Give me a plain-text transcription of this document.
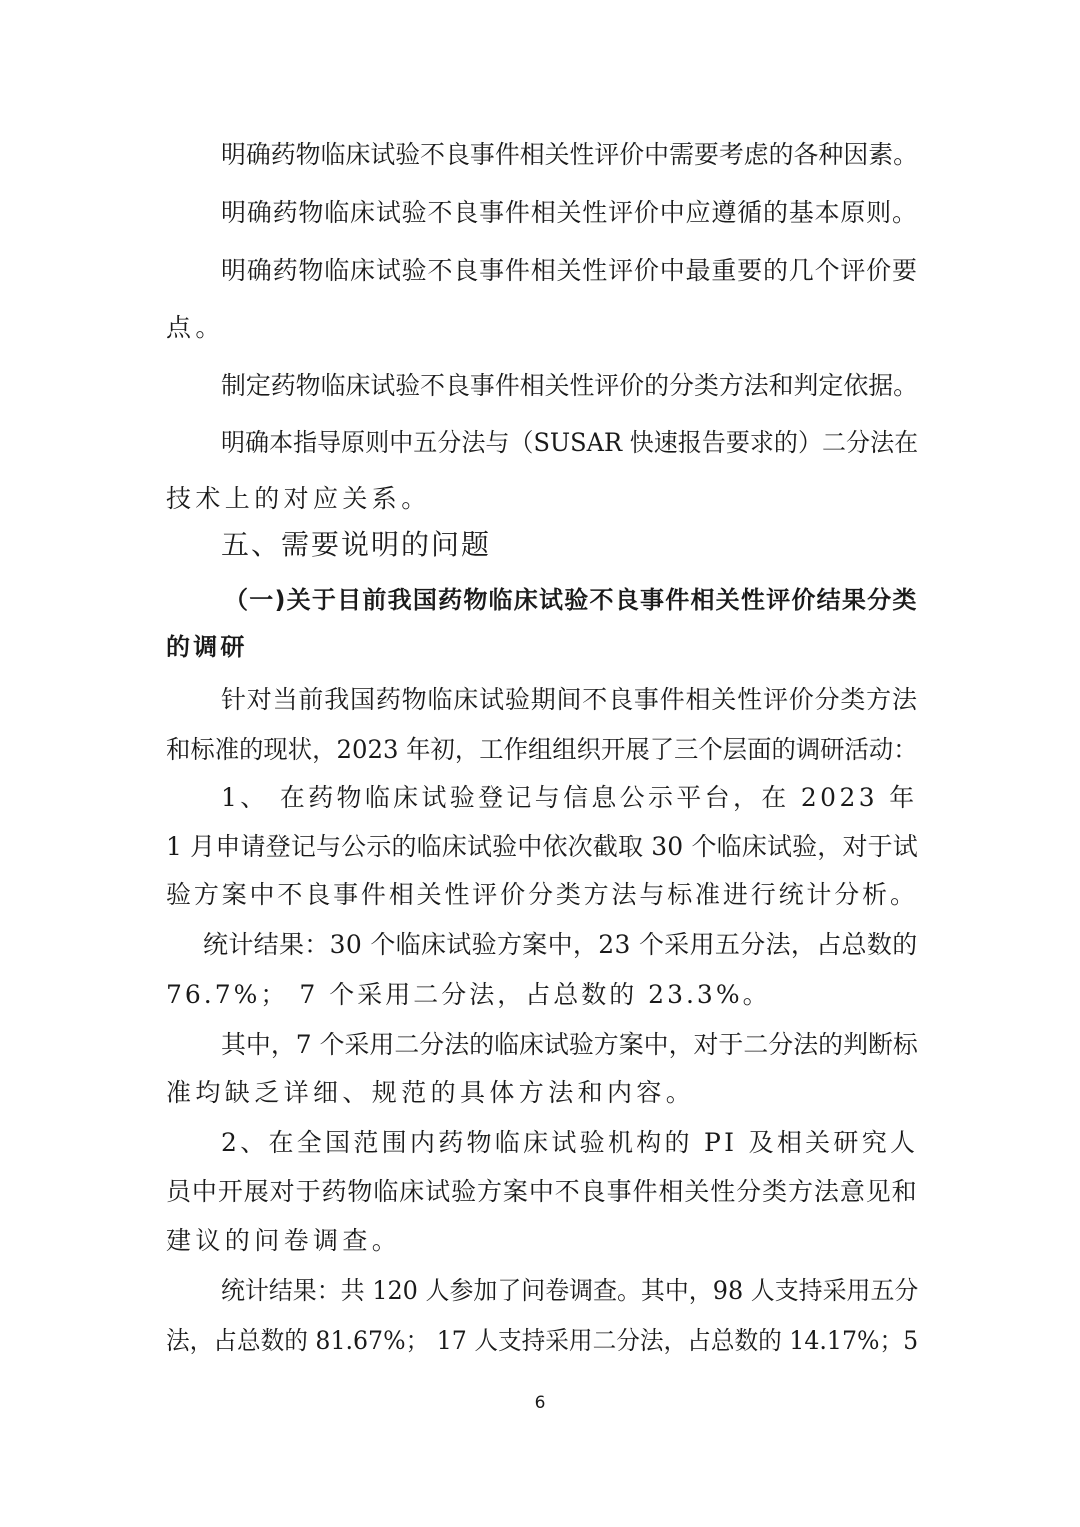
明确药物临床试验不良事件相关性评价中需要考虑的各种因素。
明确药物临床试验不良事件相关性评价中应遵循的基本原则。
明确药物临床试验不良事件相关性评价中最重要的几个评价要
点。
制定药物临床试验不良事件相关性评价的分类方法和判定依据。
明确本指导原则中五分法与（SUSAR 快速报告要求的）二分法在
技术上的对应关系。
五、需要说明的问题
（一)关于目前我国药物临床试验不良事件相关性评价结果分类
的调研
针对当前我国药物临床试验期间不良事件相关性评价分类方法
和标准的现状，2023 年初，工作组组织开展了三个层面的调研活动：
1、 在药物临床试验登记与信息公示平台，在 2023 年
1 月申请登记与公示的临床试验中依次截取 30 个临床试验，对于试
验方案中不良事件相关性评价分类方法与标准进行统计分析。
统计结果：30 个临床试验方案中，23 个采用五分法，占总数的
76.7%； 7 个采用二分法，占总数的 23.3%。
其中，7 个采用二分法的临床试验方案中，对于二分法的判断标
准均缺乏详细、规范的具体方法和内容。
2、在全国范围内药物临床试验机构的 PI 及相关研究人
员中开展对于药物临床试验方案中不良事件相关性分类方法意见和
建议的问卷调查。
统计结果：共 120 人参加了问卷调查。其中，98 人支持采用五分
法，占总数的 81.67%； 17 人支持采用二分法，占总数的 14.17%；5
6
